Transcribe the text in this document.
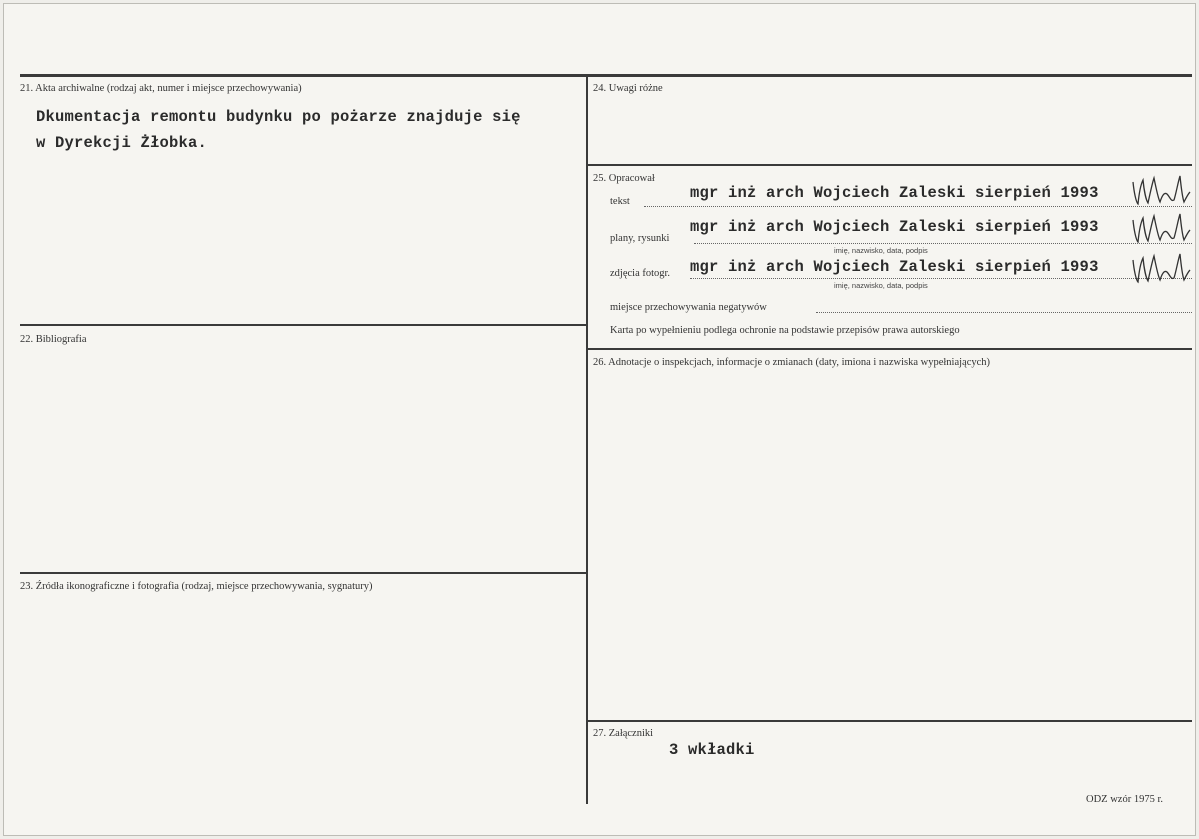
21. Akta archiwalne (rodzaj akt, numer i miejsce przechowywania)
Dkumentacja remontu budynku po pożarze znajduje się
w Dyrekcji Żłobka.
22. Bibliografia
23. Źródła ikonograficzne i fotografia (rodzaj, miejsce przechowywania, sygnatury)
24. Uwagi różne
25. Opracował
tekst	mgr inż arch Wojciech Zaleski sierpień 1993
plany, rysunki
mgr inż arch Wojciech Zaleski sierpień 1993
imię, nazwisko, data, podpis
zdjęcia fotogr. mgr inż arch Wojciech Zaleski sierpień 1993
imię, nazwisko, data, podpis
miejsce przechowywania negatywów
Karta po wypełnieniu podlega ochronie na podstawie przepisów prawa autorskiego
26. Adnotacje o inspekcjach, informacje o zmianach (daty, imiona i nazwiska wypełniających)
27. Załączniki
3 wkładki
ODZ wzór 1975 r.
